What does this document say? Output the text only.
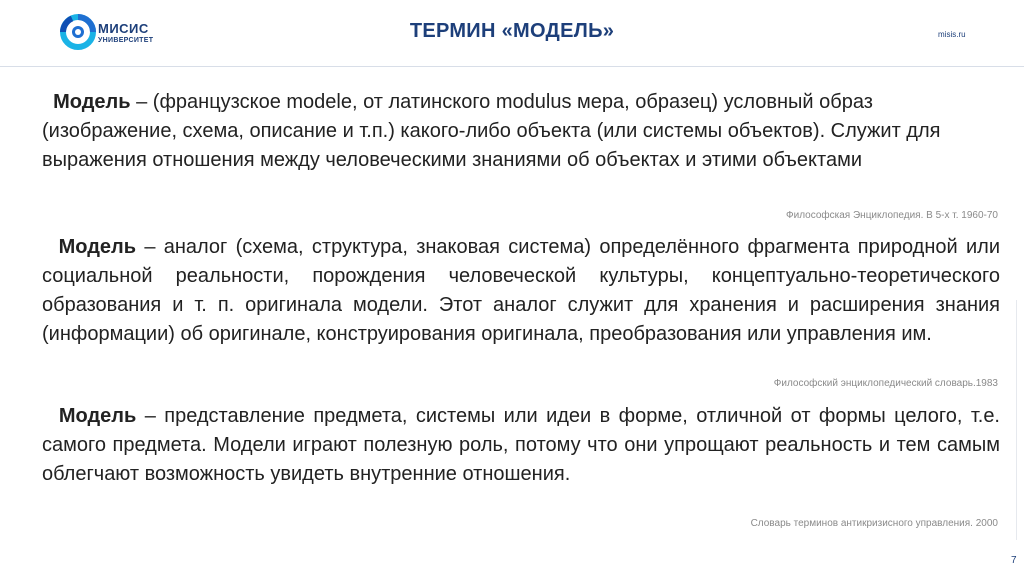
МИСИС
УНИВЕРСИТЕТ	ТЕРМИН «МОДЕЛЬ»	misis.ru
Модель – (французское modele, от латинского modulus мера, образец) условный образ (изображение, схема, описание и т.п.) какого-либо объекта (или системы объектов). Служит для выражения отношения между человеческими знаниями об объектах и этими объектами
Философская Энциклопедия. В 5-х т. 1960-70
Модель – аналог (схема, структура, знаковая система) определённого фрагмента природной или социальной реальности, порождения человеческой культуры, концептуально-теоретического образования и т. п. оригинала модели. Этот аналог служит для хранения и расширения знания (информации) об оригинале, конструирования оригинала, преобразования или управления им.
Философский энциклопедический словарь.1983
Модель – представление предмета, системы или идеи в форме, отличной от формы целого, т.е. самого предмета. Модели играют полезную роль, потому что они упрощают реальность и тем самым облегчают возможность увидеть внутренние отношения.
Словарь терминов антикризисного управления. 2000
7
